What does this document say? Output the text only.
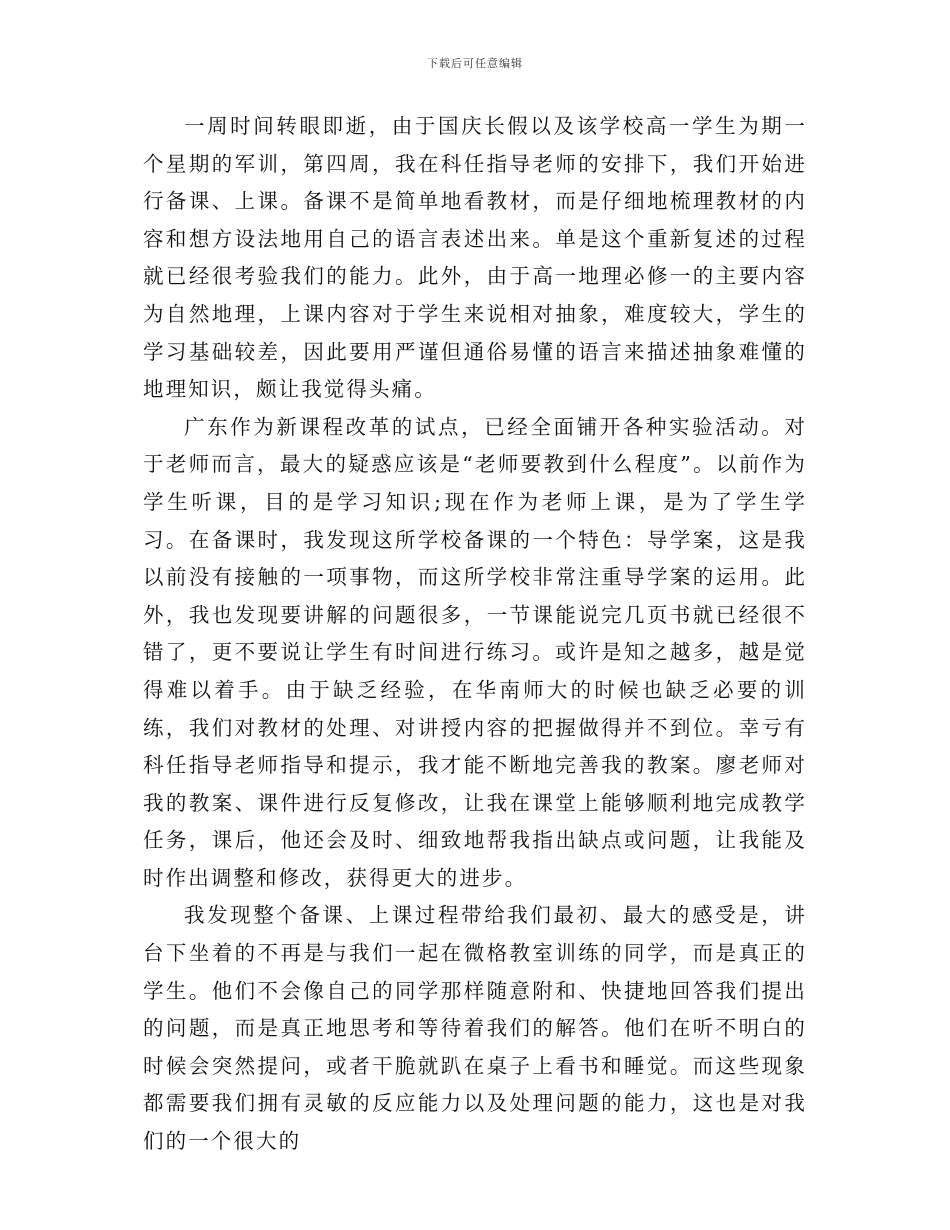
下载后可任意编辑

一周时间转眼即逝，由于国庆长假以及该学校高一学生为期一个星期的军训，第四周，我在科任指导老师的安排下，我们开始进行备课、上课。备课不是简单地看教材，而是仔细地梳理教材的内容和想方设法地用自己的语言表述出来。单是这个重新复述的过程就已经很考验我们的能力。此外，由于高一地理必修一的主要内容为自然地理，上课内容对于学生来说相对抽象，难度较大，学生的学习基础较差，因此要用严谨但通俗易懂的语言来描述抽象难懂的地理知识，颇让我觉得头痛。

广东作为新课程改革的试点，已经全面铺开各种实验活动。对于老师而言，最大的疑惑应该是“老师要教到什么程度”。以前作为学生听课，目的是学习知识;现在作为老师上课，是为了学生学习。在备课时，我发现这所学校备课的一个特色：导学案，这是我以前没有接触的一项事物，而这所学校非常注重导学案的运用。此外，我也发现要讲解的问题很多，一节课能说完几页书就已经很不错了，更不要说让学生有时间进行练习。或许是知之越多，越是觉得难以着手。由于缺乏经验，在华南师大的时候也缺乏必要的训练，我们对教材的处理、对讲授内容的把握做得并不到位。幸亏有科任指导老师指导和提示，我才能不断地完善我的教案。廖老师对我的教案、课件进行反复修改，让我在课堂上能够顺利地完成教学任务，课后，他还会及时、细致地帮我指出缺点或问题，让我能及时作出调整和修改，获得更大的进步。

我发现整个备课、上课过程带给我们最初、最大的感受是，讲台下坐着的不再是与我们一起在微格教室训练的同学，而是真正的学生。他们不会像自己的同学那样随意附和、快捷地回答我们提出的问题，而是真正地思考和等待着我们的解答。他们在听不明白的时候会突然提问，或者干脆就趴在桌子上看书和睡觉。而这些现象都需要我们拥有灵敏的反应能力以及处理问题的能力，这也是对我们的一个很大的
